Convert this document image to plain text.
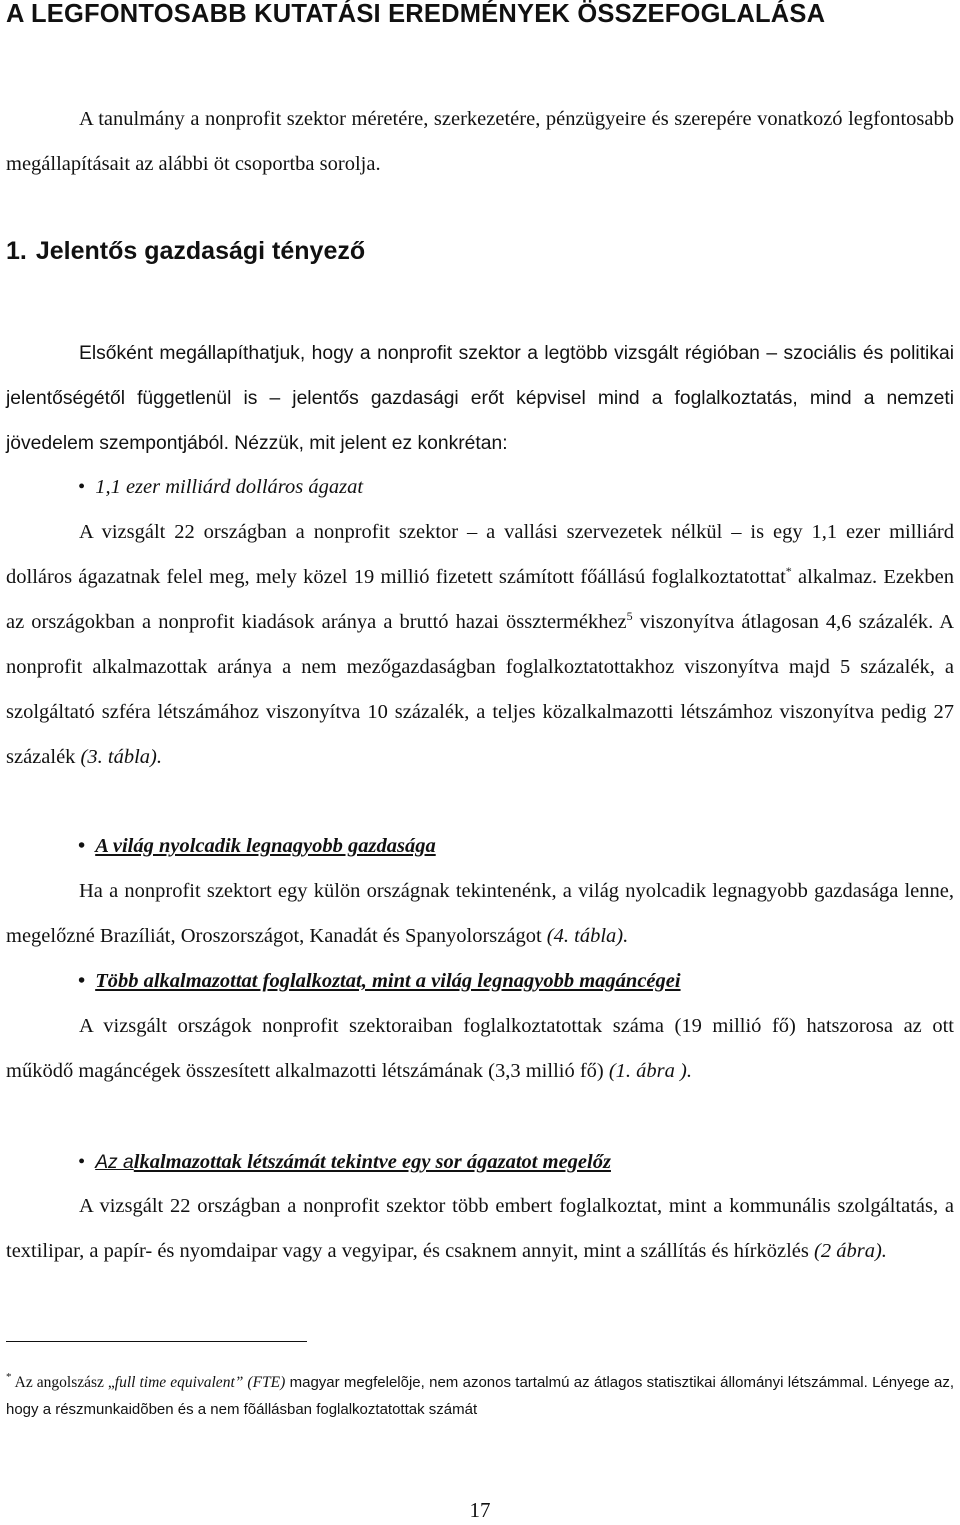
A LEGFONTOSABB KUTATÁSI EREDMÉNYEK ÖSSZEFOGLALÁSA

A tanulmány a nonprofit szektor méretére, szerkezetére, pénzügyeire és szerepére vonatkozó legfontosabb megállapításait az alábbi öt csoportba sorolja.

1. Jelentős gazdasági tényező

Elsőként megállapíthatjuk, hogy a nonprofit szektor a legtöbb vizsgált régióban – szociális és politikai jelentőségétől függetlenül is – jelentős gazdasági erőt képvisel mind a foglalkoztatás, mind a nemzeti jövedelem szempontjából. Nézzük, mit jelent ez konkrétan:

• 1,1 ezer milliárd dolláros ágazat

A vizsgált 22 országban a nonprofit szektor – a vallási szervezetek nélkül – is egy 1,1 ezer milliárd dolláros ágazatnak felel meg, mely közel 19 millió fizetett számított főállású foglalkoztatottat* alkalmaz. Ezekben az országokban a nonprofit kiadások aránya a bruttó hazai össztermékhez$^5$ viszonyítva átlagosan 4,6 százalék. A nonprofit alkalmazottak aránya a nem mezőgazdaságban foglalkoztatottakhoz viszonyítva majd 5 százalék, a szolgáltató szféra létszámához viszonyítva 10 százalék, a teljes közalkalmazotti létszámhoz viszonyítva pedig 27 százalék (3. tábla).

• A világ nyolcadik legnagyobb gazdasága

Ha a nonprofit szektort egy külön országnak tekintenénk, a világ nyolcadik legnagyobb gazdasága lenne, megelőzné Brazíliát, Oroszországot, Kanadát és Spanyolországot (4. tábla).

• Több alkalmazottat foglalkoztat, mint a világ legnagyobb magáncégei

A vizsgált országok nonprofit szektoraiban foglalkoztatottak száma (19 millió fő) hatszorosa az ott működő magáncégek összesített alkalmazotti létszámának (3,3 millió fő) (1. ábra ).

• Az alkalmazottak létszámát tekintve egy sor ágazatot megelőz

A vizsgált 22 országban a nonprofit szektor több embert foglalkoztat, mint a kommunális szolgáltatás, a textilipar, a papír- és nyomdaipar vagy a vegyipar, és csaknem annyit, mint a szállítás és hírközlés (2 ábra).

* Az angolszász „full time equivalent” (FTE) magyar megfelelõje, nem azonos tartalmú az átlagos statisztikai állományi létszámmal. Lényege az, hogy a részmunkaidõben és a nem fõállásban foglalkoztatottak számát

17
